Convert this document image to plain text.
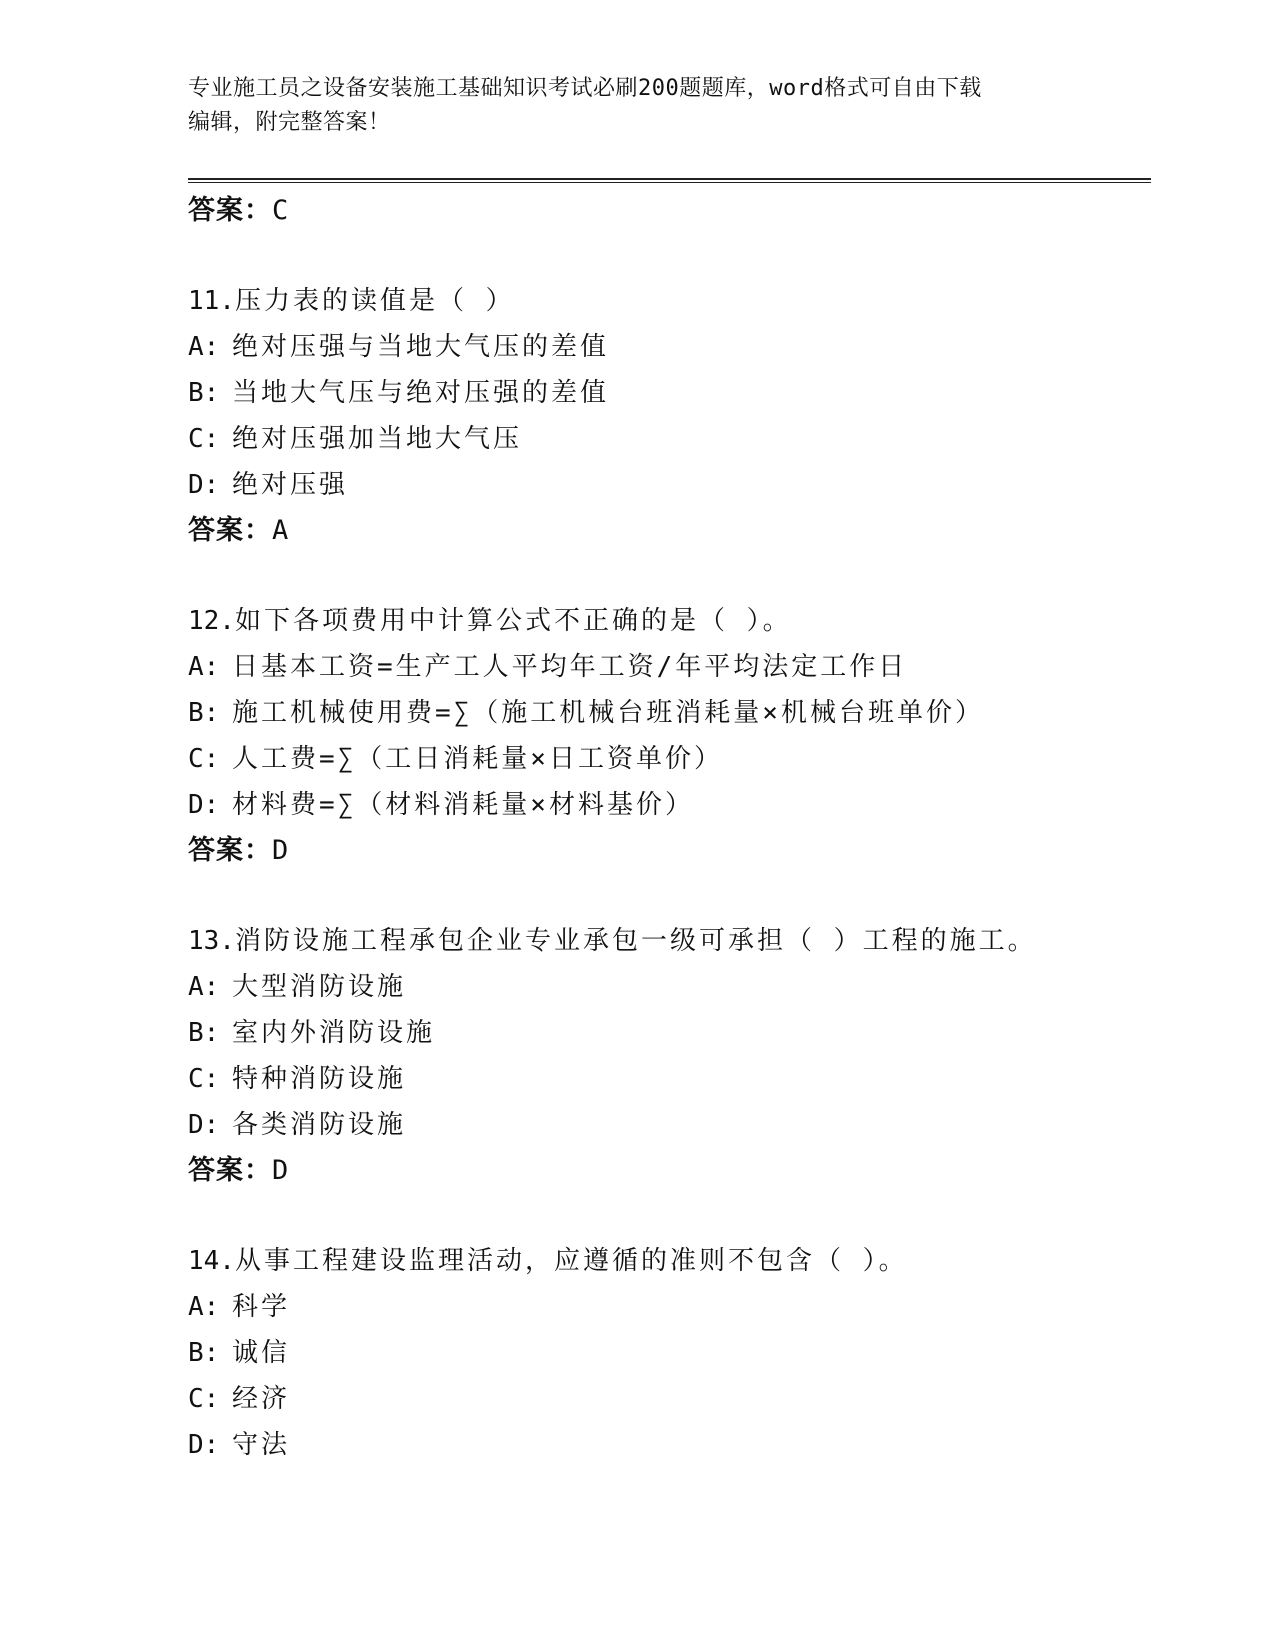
专业施工员之设备安装施工基础知识考试必刷200题题库，word格式可自由下载
编辑，附完整答案！
答案：C
11.压力表的读值是（ ）
A: 绝对压强与当地大气压的差值
B: 当地大气压与绝对压强的差值
C: 绝对压强加当地大气压
D: 绝对压强
答案：A
12.如下各项费用中计算公式不正确的是（ ）。
A: 日基本工资=生产工人平均年工资/年平均法定工作日
B: 施工机械使用费=∑（施工机械台班消耗量×机械台班单价）
C: 人工费=∑（工日消耗量×日工资单价）
D: 材料费=∑（材料消耗量×材料基价）
答案：D
13.消防设施工程承包企业专业承包一级可承担（ ）工程的施工。
A: 大型消防设施
B: 室内外消防设施
C: 特种消防设施
D: 各类消防设施
答案：D
14.从事工程建设监理活动，应遵循的准则不包含（ ）。
A: 科学
B: 诚信
C: 经济
D: 守法
